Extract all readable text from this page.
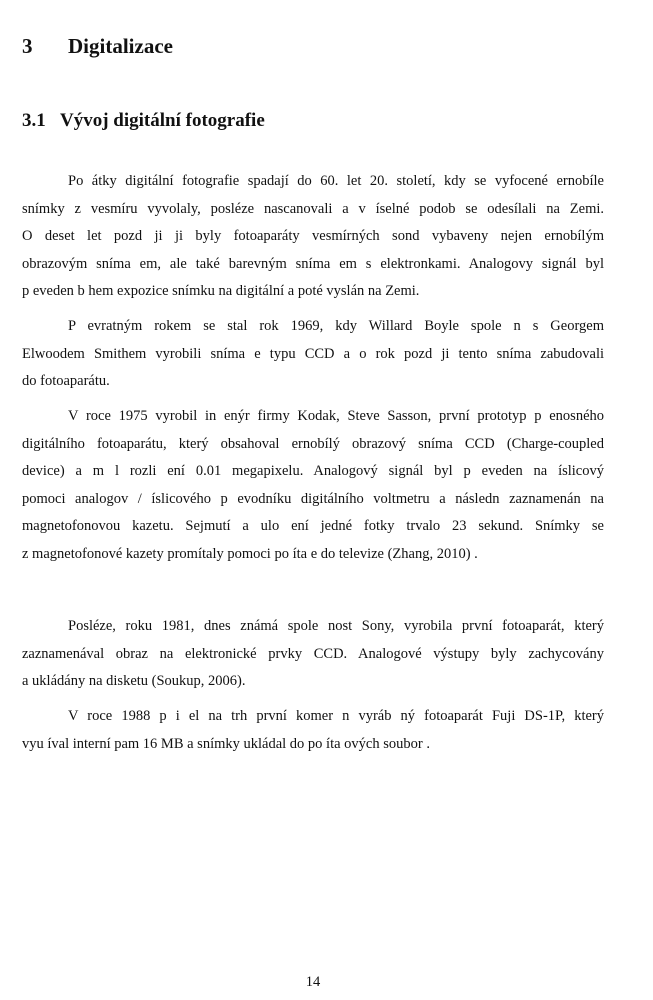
3 Digitalizace
3.1 Vývoj digitální fotografie
Po átky digitální fotografie spadají do 60. let 20. století, kdy se vyfocené ernobíle
snímky z vesmíru vyvolaly, posléze nascanovali a v íselné podob se odesílali na Zemi.
O deset let pozd ji ji byly fotoaparáty vesmírných sond vybaveny nejen ernobílým
obrazovým sníma em, ale také barevným sníma em s elektronkami. Analogovy signál byl
p eveden b hem expozice snímku na digitální a poté vyslán na Zemi.
P evratným rokem se stal rok 1969, kdy Willard Boyle spole n s Georgem
Elwoodem Smithem vyrobili sníma e typu CCD a o rok pozd ji tento sníma zabudovali
do fotoaparátu.
V roce 1975 vyrobil in enýr firmy Kodak, Steve Sasson, první prototyp p enosného
digitálního fotoaparátu, který obsahoval ernobílý obrazový sníma CCD (Charge-coupled
device) a m l rozli ení 0.01 megapixelu. Analogový signál byl p eveden na íslicový
pomoci analogov / íslicového p evodníku digitálního voltmetru a následn zaznamenán na
magnetofonovou kazetu. Sejmutí a ulo ení jedné fotky trvalo 23 sekund. Snímky se
z magnetofonové kazety promítaly pomoci po íta e do televize (Zhang, 2010) .
Posléze, roku 1981, dnes známá spole nost Sony, vyrobila první fotoaparát, který
zaznamenával obraz na elektronické prvky CCD. Analogové výstupy byly zachycovány
a ukládány na disketu (Soukup, 2006).
V roce 1988 p i el na trh první komer n vyráb ný fotoaparát Fuji DS-1P, který
vyu íval interní pam 16 MB a snímky ukládal do po íta ových soubor .
14
